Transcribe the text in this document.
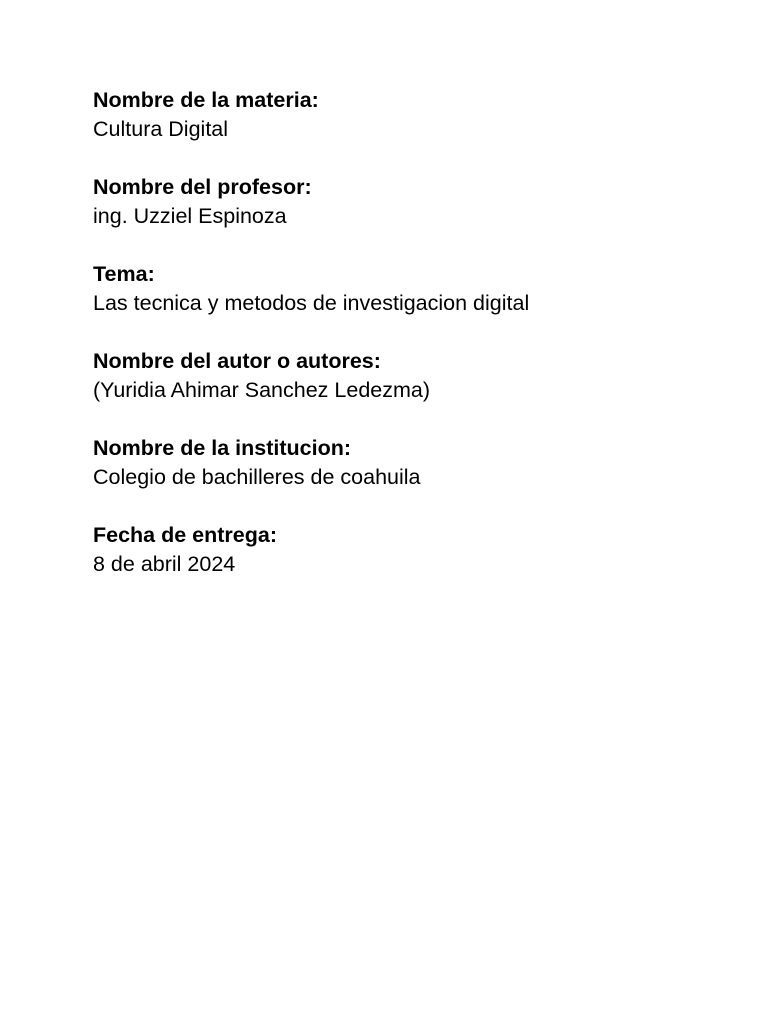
Nombre de la materia:

Cultura Digital

Nombre del profesor:

ing. Uzziel Espinoza

Tema:

Las tecnica y metodos de investigacion digital

Nombre del autor o autores:

(Yuridia Ahimar Sanchez Ledezma)

Nombre de la institucion:

Colegio de bachilleres de coahuila

Fecha de entrega:

8 de abril 2024
